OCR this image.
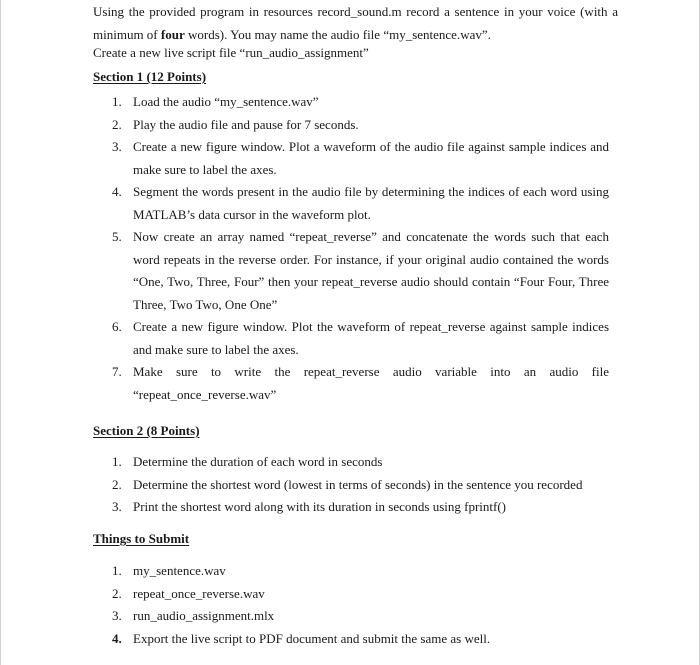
Using the provided program in resources record_sound.m record a sentence in your voice (with a minimum of four words). You may name the audio file “my_sentence.wav”.

Create a new live script file “run_audio_assignment”
Section 1 (12 Points)
1. Load the audio “my_sentence.wav”
2. Play the audio file and pause for 7 seconds.
3. Create a new figure window. Plot a waveform of the audio file against sample indices and make sure to label the axes.
4. Segment the words present in the audio file by determining the indices of each word using MATLAB’s data cursor in the waveform plot.
5. Now create an array named “repeat_reverse” and concatenate the words such that each word repeats in the reverse order. For instance, if your original audio contained the words “One, Two, Three, Four” then your repeat_reverse audio should contain “Four Four, Three Three, Two Two, One One”
6. Create a new figure window. Plot the waveform of repeat_reverse against sample indices and make sure to label the axes.
7. Make sure to write the repeat_reverse audio variable into an audio file
“repeat_once_reverse.wav”
Section 2 (8 Points)
1. Determine the duration of each word in seconds
2. Determine the shortest word (lowest in terms of seconds) in the sentence you recorded
3. Print the shortest word along with its duration in seconds using fprintf()
Things to Submit
1. my_sentence.wav
2. repeat_once_reverse.wav
3. run_audio_assignment.mlx
4. Export the live script to PDF document and submit the same as well.
